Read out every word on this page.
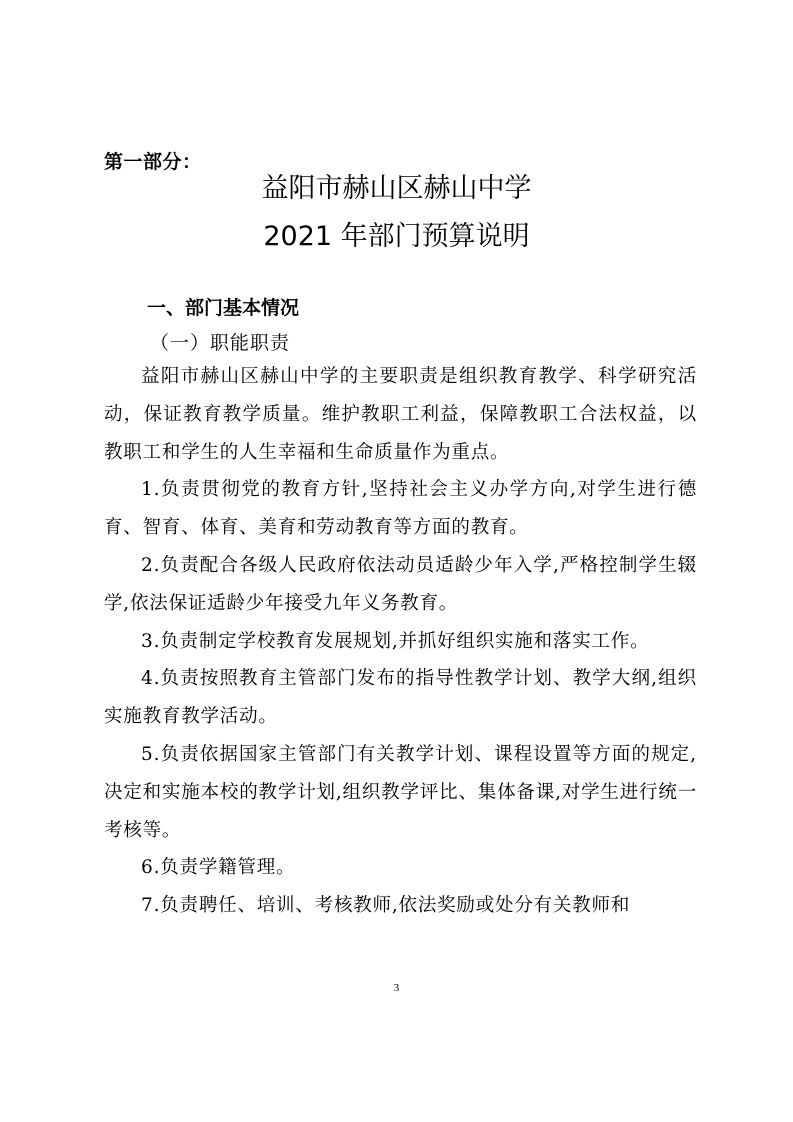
第一部分：
益阳市赫山区赫山中学
2021 年部门预算说明
一、部门基本情况
（一）职能职责

益阳市赫山区赫山中学的主要职责是组织教育教学、科学研究活动，保证教育教学质量。维护教职工利益，保障教职工合法权益，以教职工和学生的人生幸福和生命质量作为重点。

1.负责贯彻党的教育方针,坚持社会主义办学方向,对学生进行德育、智育、体育、美育和劳动教育等方面的教育。

2.负责配合各级人民政府依法动员适龄少年入学,严格控制学生辍学,依法保证适龄少年接受九年义务教育。

3.负责制定学校教育发展规划,并抓好组织实施和落实工作。

4.负责按照教育主管部门发布的指导性教学计划、教学大纲,组织实施教育教学活动。

5.负责依据国家主管部门有关教学计划、课程设置等方面的规定,决定和实施本校的教学计划,组织教学评比、集体备课,对学生进行统一考核等。

6.负责学籍管理。

7.负责聘任、培训、考核教师,依法奖励或处分有关教师和

3
